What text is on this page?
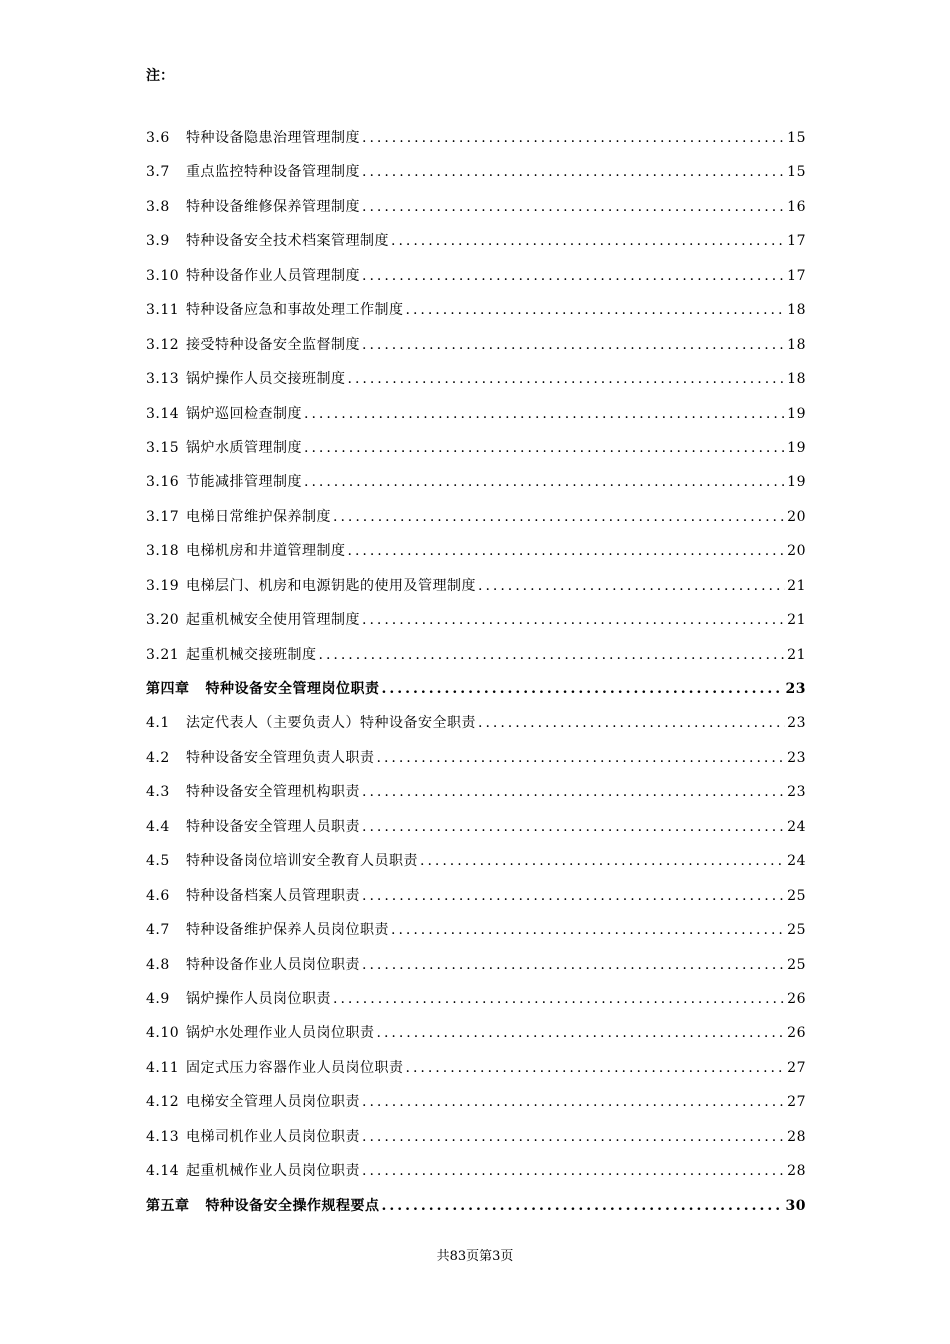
注：
3.6	特种设备隐患治理管理制度 .....	15
3.7	重点监控特种设备管理制度 .....	15
3.8	特种设备维修保养管理制度 .....	16
3.9	特种设备安全技术档案管理制度 .....	17
3.10 特种设备作业人员管理制度 .....	17
3.11 特种设备应急和事故处理工作制度 .....	18
3.12 接受特种设备安全监督制度 .....	18
3.13 锅炉操作人员交接班制度 .....	18
3.14 锅炉巡回检查制度 .....	19
3.15 锅炉水质管理制度 .....	19
3.16 节能减排管理制度 .....	19
3.17 电梯日常维护保养制度 .....	20
3.18 电梯机房和井道管理制度 .....	20
3.19 电梯层门、机房和电源钥匙的使用及管理制度 .....	21
3.20 起重机械安全使用管理制度 .....	21
3.21 起重机械交接班制度 .....	21
第四章 特种设备安全管理岗位职责 .....	23
4.1	法定代表人（主要负责人）特种设备安全职责 .....	23
4.2	特种设备安全管理负责人职责 .....	23
4.3	特种设备安全管理机构职责 .....	23
4.4	特种设备安全管理人员职责 .....	24
4.5	特种设备岗位培训安全教育人员职责 .....	24
4.6	特种设备档案人员管理职责 .....	25
4.7	特种设备维护保养人员岗位职责 .....	25
4.8	特种设备作业人员岗位职责 .....	25
4.9	锅炉操作人员岗位职责 .....	26
4.10 锅炉水处理作业人员岗位职责 .....	26
4.11 固定式压力容器作业人员岗位职责 .....	27
4.12 电梯安全管理人员岗位职责 .....	27
4.13 电梯司机作业人员岗位职责 .....	28
4.14 起重机械作业人员岗位职责 .....	28
第五章 特种设备安全操作规程要点 .....	30
共83页第3页
